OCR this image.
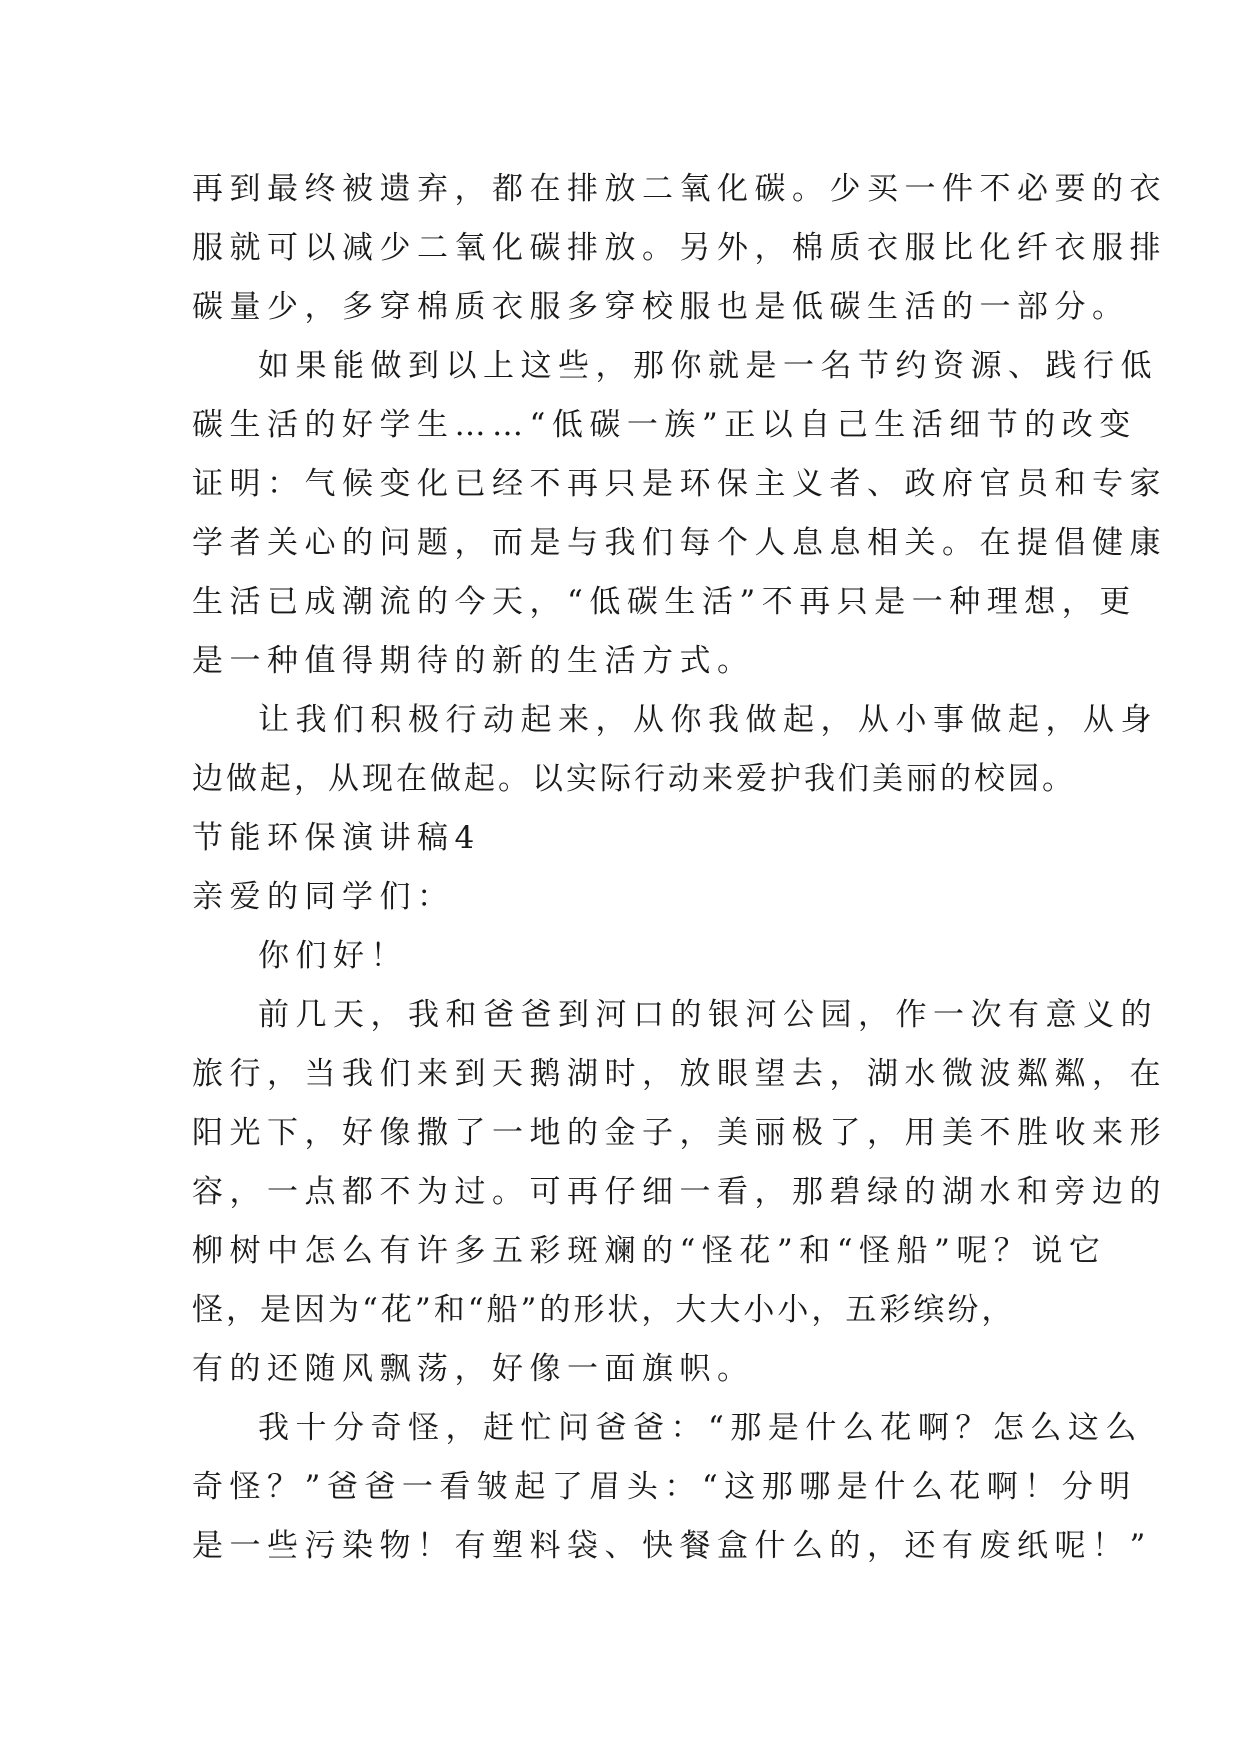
再到最终被遗弃，都在排放二氧化碳。少买一件不必要的衣
服就可以减少二氧化碳排放。另外，棉质衣服比化纤衣服排
碳量少，多穿棉质衣服多穿校服也是低碳生活的一部分。
如果能做到以上这些，那你就是一名节约资源、践行低
碳生活的好学生……“低碳一族”正以自己生活细节的改变
证明：气候变化已经不再只是环保主义者、政府官员和专家
学者关心的问题，而是与我们每个人息息相关。在提倡健康
生活已成潮流的今天，“低碳生活”不再只是一种理想，更
是一种值得期待的新的生活方式。
让我们积极行动起来，从你我做起，从小事做起，从身
边做起，从现在做起。以实际行动来爱护我们美丽的校园。
节能环保演讲稿4
亲爱的同学们：
你们好！
前几天，我和爸爸到河口的银河公园，作一次有意义的
旅行，当我们来到天鹅湖时，放眼望去，湖水微波粼粼，在
阳光下，好像撒了一地的金子，美丽极了，用美不胜收来形
容，一点都不为过。可再仔细一看，那碧绿的湖水和旁边的
柳树中怎么有许多五彩斑斓的“怪花”和“怪船”呢？说它
怪，是因为“花”和“船”的形状，大大小小，五彩缤纷，
有的还随风飘荡，好像一面旗帜。
我十分奇怪，赶忙问爸爸：“那是什么花啊？怎么这么
奇怪？”爸爸一看皱起了眉头：“这那哪是什么花啊！分明
是一些污染物！有塑料袋、快餐盒什么的，还有废纸呢！”
